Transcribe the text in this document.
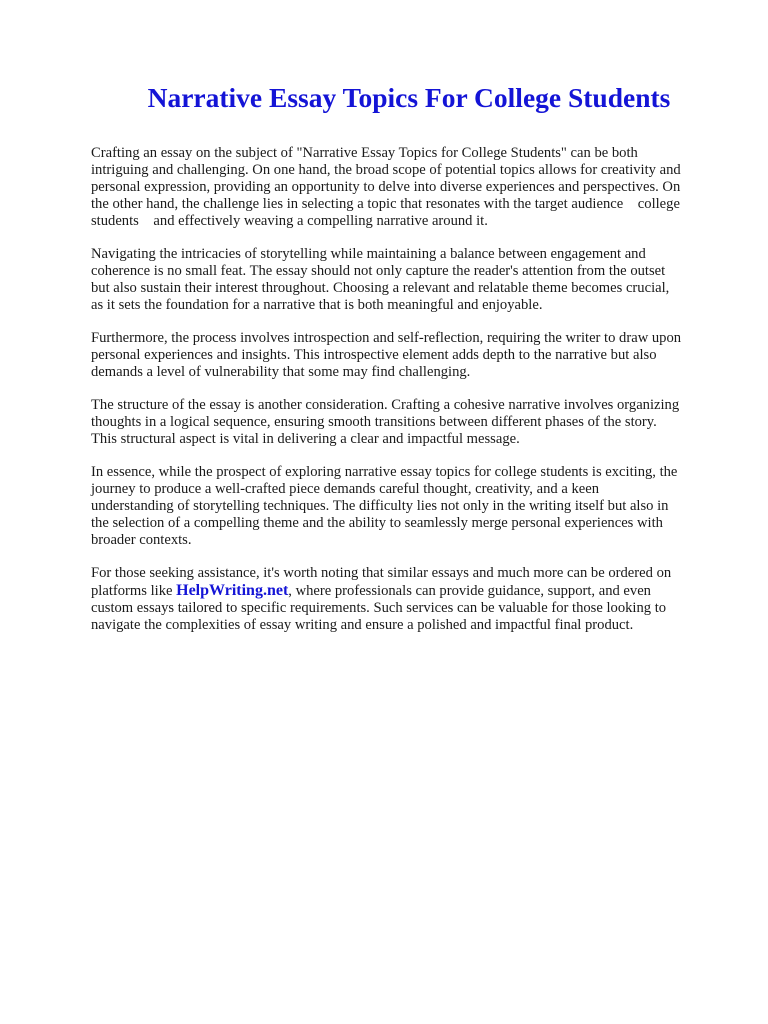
Narrative Essay Topics For College Students

Crafting an essay on the subject of "Narrative Essay Topics for College Students" can be both
intriguing and challenging. On one hand, the broad scope of potential topics allows for creativity and
personal expression, providing an opportunity to delve into diverse experiences and perspectives. On
the other hand, the challenge lies in selecting a topic that resonates with the target audience    college
students    and effectively weaving a compelling narrative around it.

Navigating the intricacies of storytelling while maintaining a balance between engagement and
coherence is no small feat. The essay should not only capture the reader's attention from the outset
but also sustain their interest throughout. Choosing a relevant and relatable theme becomes crucial,
as it sets the foundation for a narrative that is both meaningful and enjoyable.

Furthermore, the process involves introspection and self-reflection, requiring the writer to draw upon
personal experiences and insights. This introspective element adds depth to the narrative but also
demands a level of vulnerability that some may find challenging.

The structure of the essay is another consideration. Crafting a cohesive narrative involves organizing
thoughts in a logical sequence, ensuring smooth transitions between different phases of the story.
This structural aspect is vital in delivering a clear and impactful message.

In essence, while the prospect of exploring narrative essay topics for college students is exciting, the
journey to produce a well-crafted piece demands careful thought, creativity, and a keen
understanding of storytelling techniques. The difficulty lies not only in the writing itself but also in
the selection of a compelling theme and the ability to seamlessly merge personal experiences with
broader contexts.

For those seeking assistance, it's worth noting that similar essays and much more can be ordered on
platforms like HelpWriting.net, where professionals can provide guidance, support, and even
custom essays tailored to specific requirements. Such services can be valuable for those looking to
navigate the complexities of essay writing and ensure a polished and impactful final product.
